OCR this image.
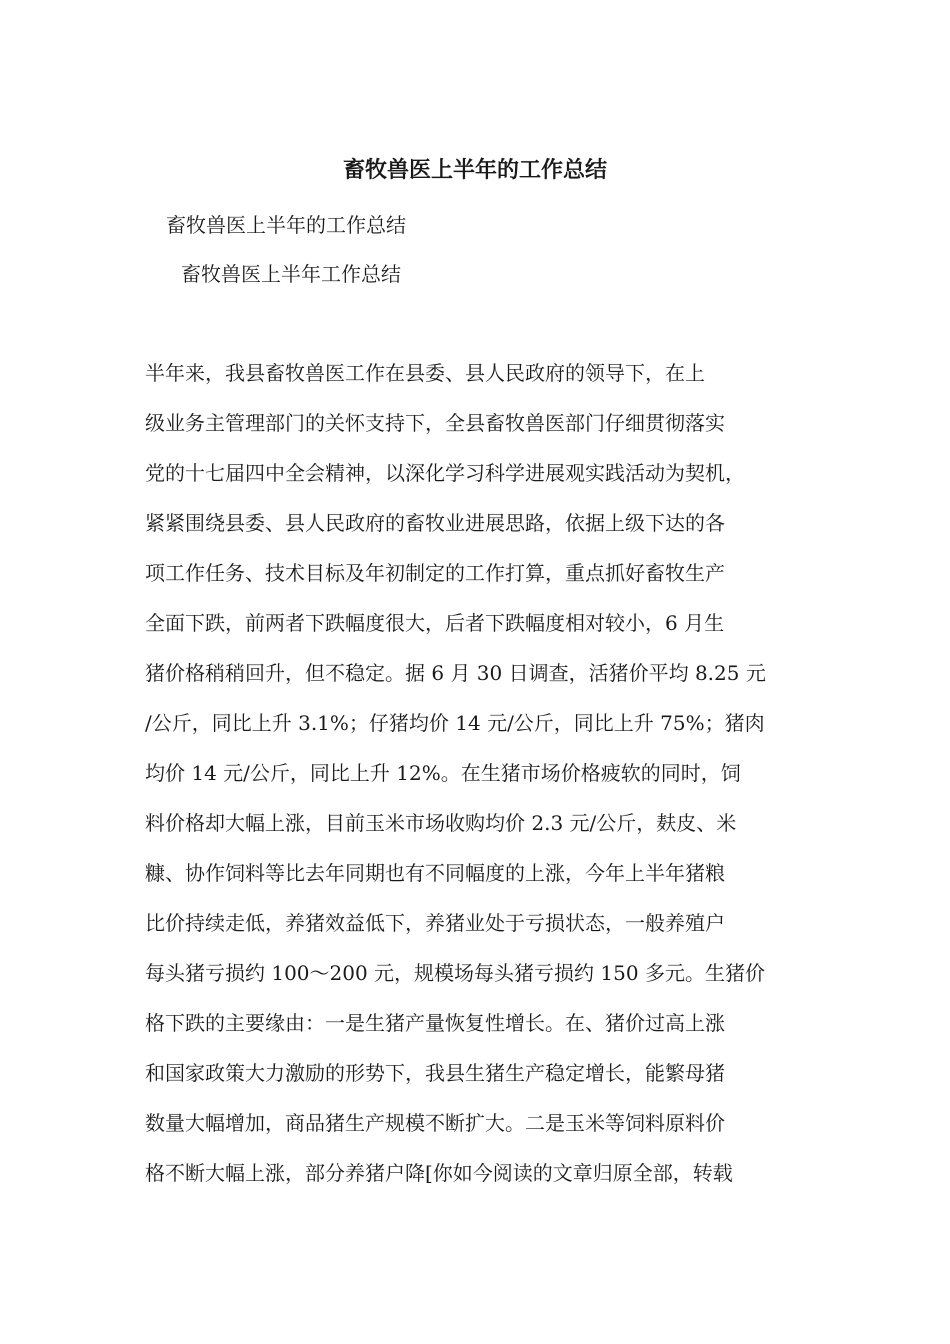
畜牧兽医上半年的工作总结

畜牧兽医上半年的工作总结

畜牧兽医上半年工作总结

半年来，我县畜牧兽医工作在县委、县人民政府的领导下，在上
级业务主管理部门的关怀支持下，全县畜牧兽医部门仔细贯彻落实
党的十七届四中全会精神，以深化学习科学进展观实践活动为契机，
紧紧围绕县委、县人民政府的畜牧业进展思路，依据上级下达的各
项工作任务、技术目标及年初制定的工作打算，重点抓好畜牧生产
全面下跌，前两者下跌幅度很大，后者下跌幅度相对较小，6 月生
猪价格稍稍回升，但不稳定。据 6 月 30 日调查，活猪价平均 8.25 元
/公斤，同比上升 3.1%；仔猪均价 14 元/公斤，同比上升 75%；猪肉
均价 14 元/公斤，同比上升 12%。在生猪市场价格疲软的同时，饲
料价格却大幅上涨，目前玉米市场收购均价 2.3 元/公斤，麸皮、米
糠、协作饲料等比去年同期也有不同幅度的上涨，今年上半年猪粮
比价持续走低，养猪效益低下，养猪业处于亏损状态，一般养殖户
每头猪亏损约 100～200 元，规模场每头猪亏损约 150 多元。生猪价
格下跌的主要缘由：一是生猪产量恢复性增长。在、猪价过高上涨
和国家政策大力激励的形势下，我县生猪生产稳定增长，能繁母猪
数量大幅增加，商品猪生产规模不断扩大。二是玉米等饲料原料价
格不断大幅上涨，部分养猪户降[你如今阅读的文章归原全部，转载
